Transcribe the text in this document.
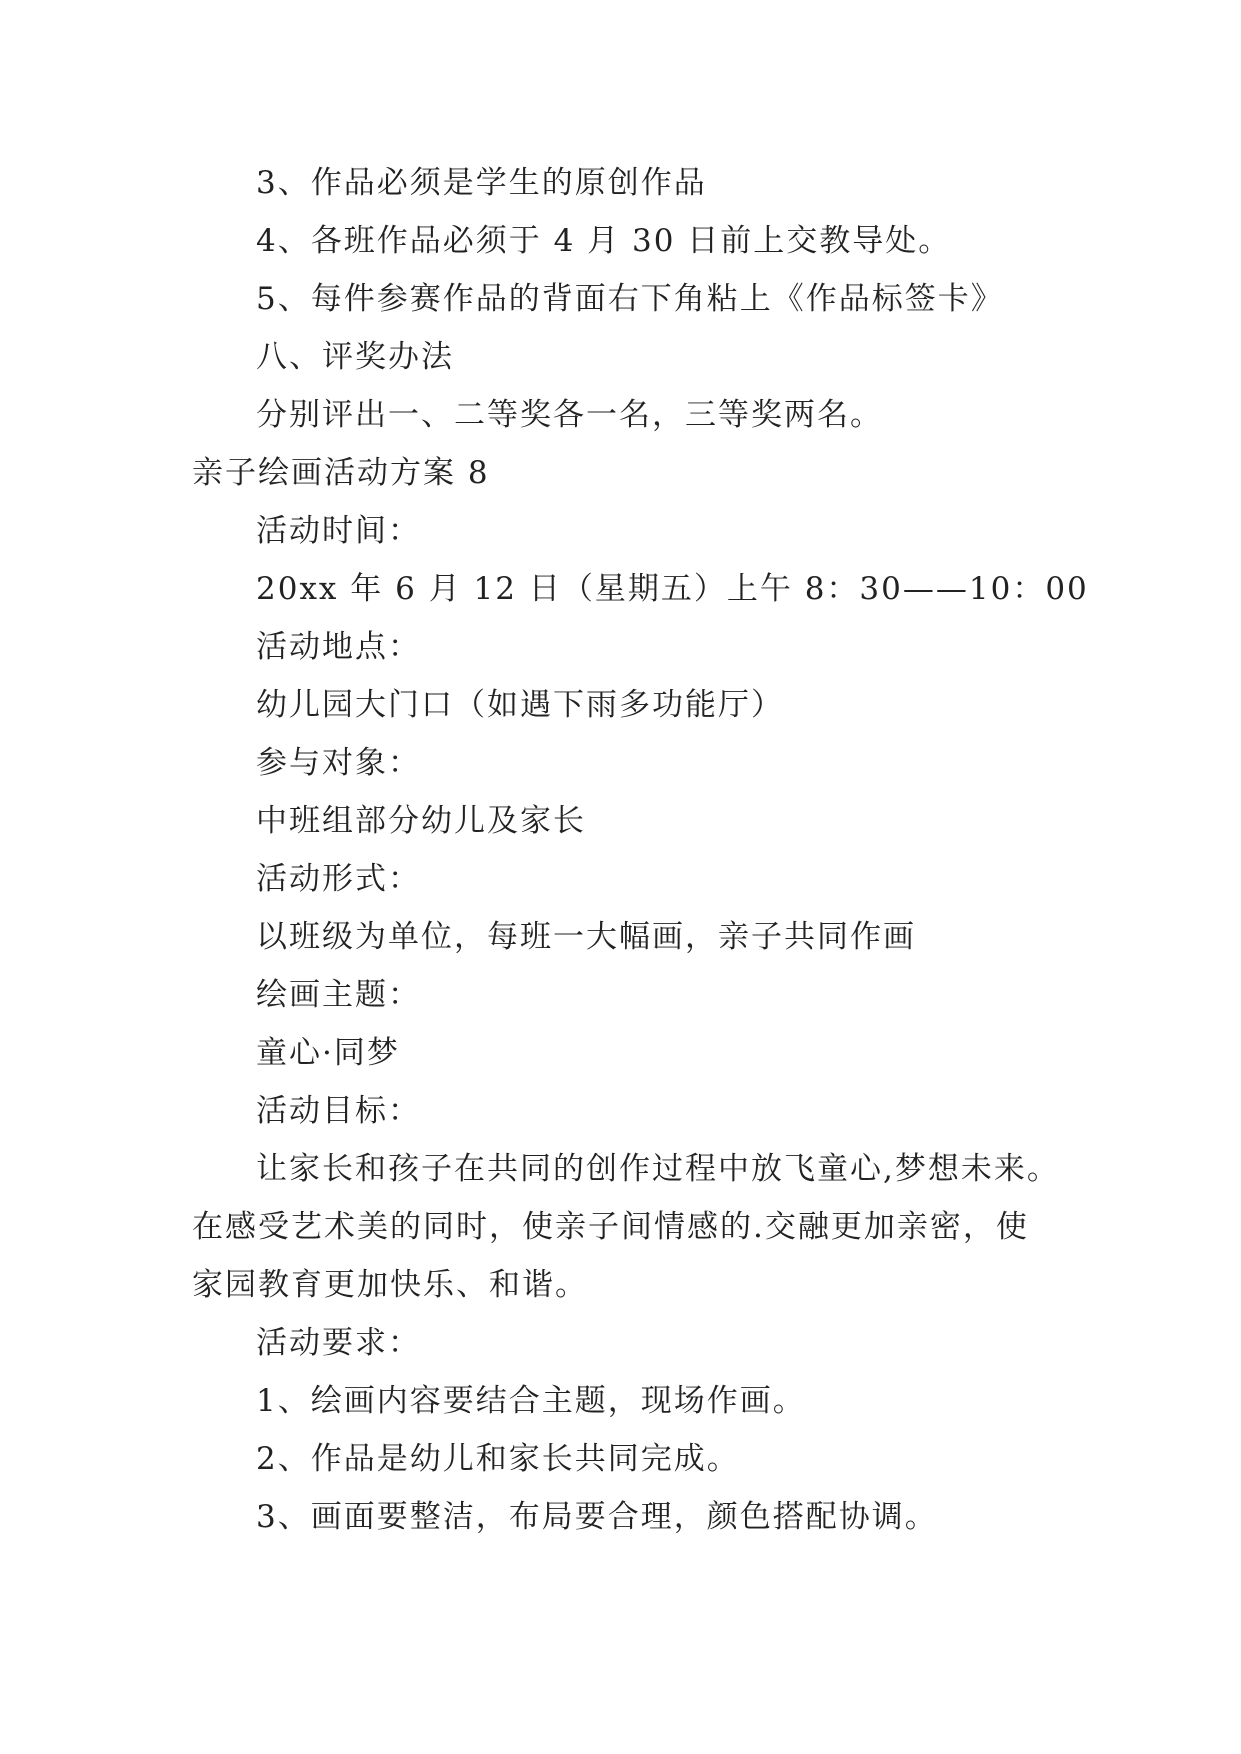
3、作品必须是学生的原创作品
4、各班作品必须于 4 月 30 日前上交教导处。
5、每件参赛作品的背面右下角粘上《作品标签卡》
八、评奖办法
分别评出一、二等奖各一名，三等奖两名。
亲子绘画活动方案 8
活动时间：
20xx 年 6 月 12 日（星期五）上午 8：30——10：00
活动地点：
幼儿园大门口（如遇下雨多功能厅）
参与对象：
中班组部分幼儿及家长
活动形式：
以班级为单位，每班一大幅画，亲子共同作画
绘画主题：
童心·同梦
活动目标：
让家长和孩子在共同的创作过程中放飞童心,梦想未来。
在感受艺术美的同时，使亲子间情感的.交融更加亲密，使
家园教育更加快乐、和谐。
活动要求：
1、绘画内容要结合主题，现场作画。
2、作品是幼儿和家长共同完成。
3、画面要整洁，布局要合理，颜色搭配协调。
